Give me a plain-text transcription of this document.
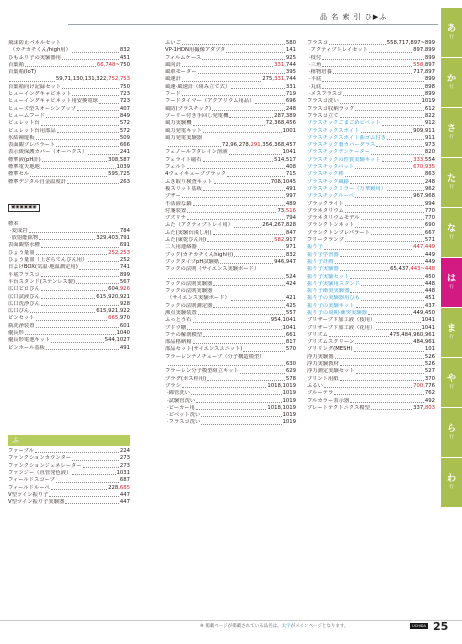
品 名 索 引 ひ▶ふ
飛沫防止パネルセット
（カチカチくん/high用）	832
ひもふり子の実験器用	451
百葉箱	66,748~750
百葉箱(IoT)
59,71,130,131,322,752,753
百葉箱向け記録セット	750
ヒューイングキャビネット	723
ヒューイングキャビネット用安換電球	723
ヒューズ型スオーシンアップ	407
ヒュームフード	849
ビュレット台	572
ビュレット台用部品	572
氷結補遊板	509
表面観プレパラート	666
表示緩保護カバー（オーハクス）	241
標準液(pH計)	308,587
標準電天地地	1039
標準セル	595,725
標準デジタル自金温度計	263
▣▣▣▣▣▣
標本
·変成岩	784
·放射能鉱物	329,403,791
表面観察水槽	691
ひょう量皿	252,253
ひょう量皿（上ざらてんびん用）	252
日よけBOX(気温·地温測定用)	741
平底フラスコ	899
平台スタンド(ステンレス製)	567
広口ビロびん	604,926
広口試液びん	615,920,921
広口洗浄びん	928
広口びん	615,921,922
ピンセット	665,970
瓶洗浄装置	601
優長形	1040
優長形電池キット	544,1027
ピンホール基板	491
ふ
ファーブル	224
ファンクションカウンター	273
ファンクションジェネレーター	273
ファンジー（直管発色液）	1031
フィールドスコープ	687
フィールドルーペ	228,685
V型ツイン振り子	447
V型ツイン振り子実験器	447
ふいご	580
VP-1HDN用撮像アダプタ	141
フィルムケース	925
風向計	331,744
風車モーター	395
風速計	275,331,744
風速·風速計（組み立て式）	331
フード	719
フードタイマー（アクアリウム用品）	696
風防(プラスチック)	248
プーリー付き手回し発電機	287,389
風力実験機	72,368,456
風力発電キット	1001
風力発電実験器
72,96,278,291,356,368,457
フェノールフタレイン溶液	1041
フェライト磁石	514,517
フェルト	408
4ウェイキューブブラック	715
ふき取り検査キット	708,1045
複スリット基板	491
ブザー	997
不活液な鍋	489
付箋装置	73,516
ブズリナ	794
ふた（アクティブトレイ用）	264,267,828
ふた(実験台浅し用)	847
ふた(東乾びん用)	582,917
二人用連絡器	971
ブック(カチカチくんhigh用)	832
ブックタイプpH試験紙	946,947
フックの法則（サイエンス実験ボード）
524
フックの法則実験器	424
フックの法則実験器
（サイエンス実験ボード）	421
フックの法則測定器	425
沸点実験装置	557
ふっとう石	954,1041
ブドウ糖	1041
フナの解剖模型	661
部品格納箱	817
部品セット(サイエンスユニット)	570
フラーレンナノチューブ（分子構造模型）
630
フラーレン分子模型組立キット	629
プラグ(ボス栓用)	578
ブラシ	1018,1019
·綿管洗い	1019
·試験管洗い	1019
·ビーカー用	1018,1019
·ビペット洗い	1019
·フラスコ洗い	1019
フラスコ	558,717,897~899
·アクティブトレイセット	897,899
·枝付	899
·三角	558,897
·植物培養	717,897
·平底	899
·丸底	898
·メスフラスコ	899
フラスコ洗い	1019
フラスコ収納ラック	612
フラスコ立て	822
プラスチックごまごめビペット	912
プラスチックスポイト	909,911
プラスチックスポイト曲ゴム付き	911
プラスチック製カバーグラス	973
プラスチックデシケーター	820
プラスチックの性質実験キット	333,554
プラスチックバット	670,935
プラスチック棒	863
プラスチック風路	248
プラスチックミラー（万華鏡用）	962
プラスチックルーペ	967,968
ブラックライト	994
プラネタリウム	770
プラネタリウムモデル	770
プランクトンネット	690
プランクトンプレパラート	667
フリークランプ	571
振り子	447,449
振り子学習器	449
振り子計画	449
振り子実験器	65,437,443~448
振り子実験セット	450
振り子実験用スタンド	448
振り子衝突実験器	448
振り子の実験器用ひも	451
振り子の実験キット	437
振り子の周期·衝突実験器	449,450
ブリザーブド加工液（枝用）	1041
ブリザーブド加工液（花用）	1041
プリズム	475,484,960,961
プリズムスクリーン	484,961
プリリング(MESH)	101
浮力実験器	526
浮力実験教材	526
浮力測定実験セット	527
プリント用紙	370
ふるい	700,776
ブルーテラ	762
フルカラー表示器	492
プレートテクトニクス模型	337,803
あ
行
か
行
さ
行
た
行
な
行
は
行
ま
行
や
行
ら
行
わ
行
※ 掲載ページが掲載されている品名は、太字がメインページとなります。	UCHIDA 25
